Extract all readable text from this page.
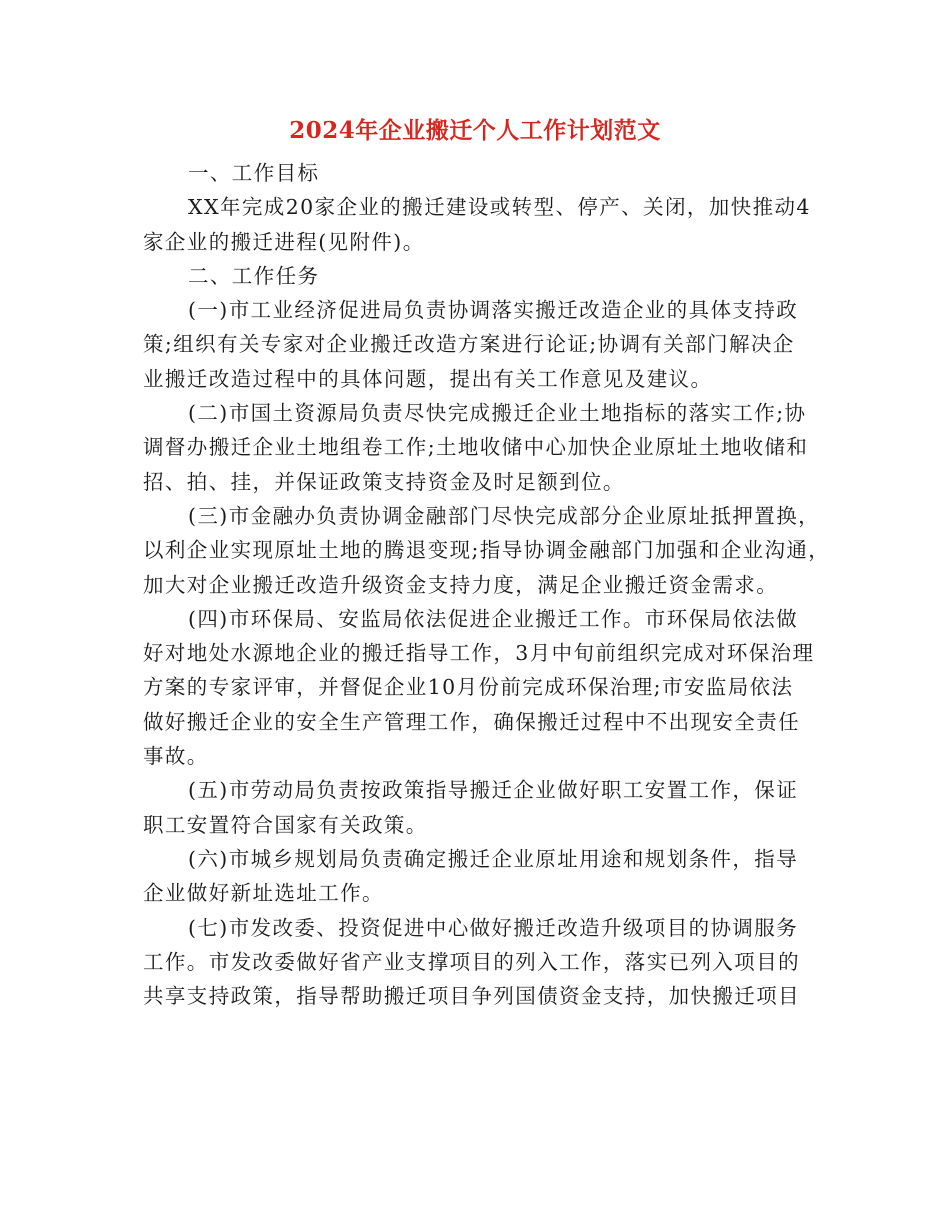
2024年企业搬迁个人工作计划范文
一、工作目标
XX年完成20家企业的搬迁建设或转型、停产、关闭，加快推动4
家企业的搬迁进程(见附件)。
二、工作任务
(一)市工业经济促进局负责协调落实搬迁改造企业的具体支持政
策;组织有关专家对企业搬迁改造方案进行论证;协调有关部门解决企
业搬迁改造过程中的具体问题，提出有关工作意见及建议。
(二)市国土资源局负责尽快完成搬迁企业土地指标的落实工作;协
调督办搬迁企业土地组卷工作;土地收储中心加快企业原址土地收储和
招、拍、挂，并保证政策支持资金及时足额到位。
(三)市金融办负责协调金融部门尽快完成部分企业原址抵押置换，
以利企业实现原址土地的腾退变现;指导协调金融部门加强和企业沟通，
加大对企业搬迁改造升级资金支持力度，满足企业搬迁资金需求。
(四)市环保局、安监局依法促进企业搬迁工作。市环保局依法做
好对地处水源地企业的搬迁指导工作，3月中旬前组织完成对环保治理
方案的专家评审，并督促企业10月份前完成环保治理;市安监局依法
做好搬迁企业的安全生产管理工作，确保搬迁过程中不出现安全责任
事故。
(五)市劳动局负责按政策指导搬迁企业做好职工安置工作，保证
职工安置符合国家有关政策。
(六)市城乡规划局负责确定搬迁企业原址用途和规划条件，指导
企业做好新址选址工作。
(七)市发改委、投资促进中心做好搬迁改造升级项目的协调服务
工作。市发改委做好省产业支撑项目的列入工作，落实已列入项目的
共享支持政策，指导帮助搬迁项目争列国债资金支持，加快搬迁项目
